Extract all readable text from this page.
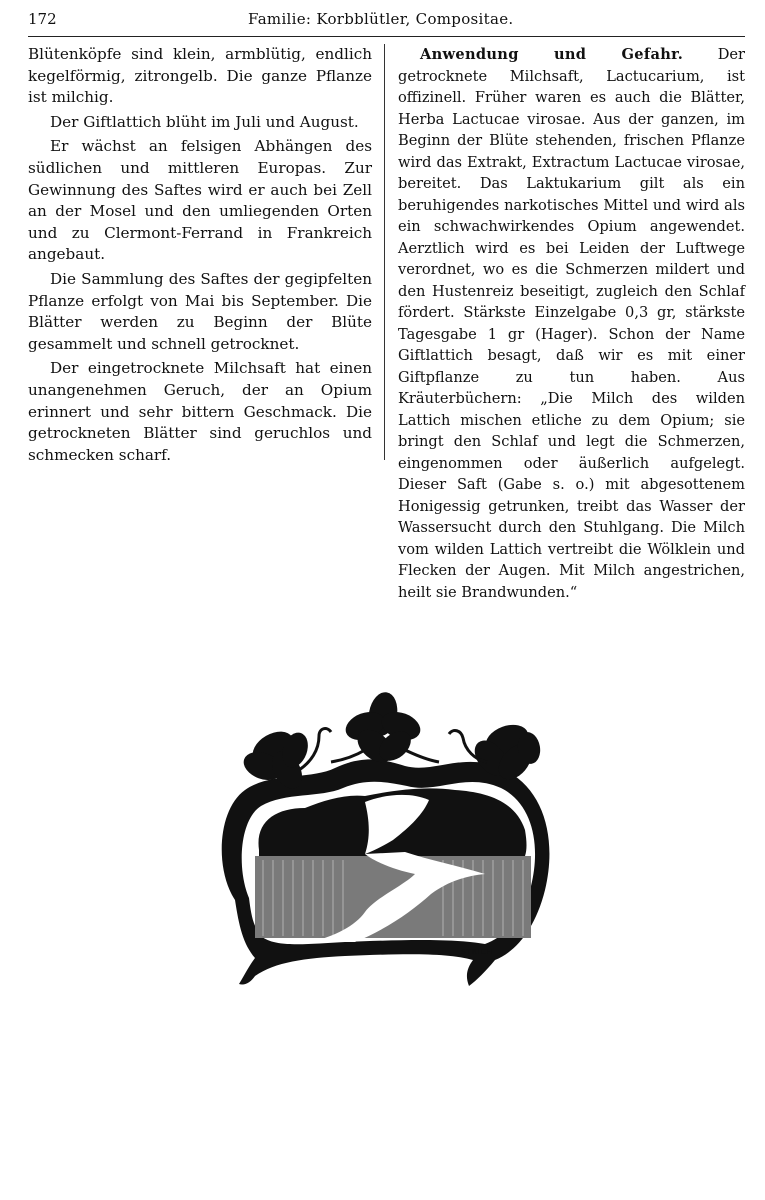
172	Familie: Korbblütler, Compositae.

Blütenköpfe sind klein, armblütig, endlich kegelförmig, zitrongelb. Die ganze Pflanze ist milchig.

Der Giftlattich blüht im Juli und August.

Er wächst an felsigen Abhängen des südlichen und mittleren Europas. Zur Gewinnung des Saftes wird er auch bei Zell an der Mosel und den umliegenden Orten und zu Clermont-Ferrand in Frankreich angebaut.

Die Sammlung des Saftes der gegipfelten Pflanze erfolgt von Mai bis September. Die Blätter werden zu Beginn der Blüte gesammelt und schnell getrocknet.

Der eingetrocknete Milchsaft hat einen unangenehmen Geruch, der an Opium erinnert und sehr bittern Geschmack. Die getrockneten Blätter sind geruchlos und schmecken scharf.

Anwendung und Gefahr. Der getrocknete Milchsaft, Lactucarium, ist offizinell. Früher waren es auch die Blätter, Herba Lactucae virosae. Aus der ganzen, im Beginn der Blüte stehenden, frischen Pflanze wird das Extrakt, Extractum Lactucae virosae, bereitet. Das Laktukarium gilt als ein beruhigendes narkotisches Mittel und wird als ein schwachwirkendes Opium angewendet. Aerztlich wird es bei Leiden der Luftwege verordnet, wo es die Schmerzen mildert und den Hustenreiz beseitigt, zugleich den Schlaf fördert. Stärkste Einzelgabe 0,3 gr, stärkste Tagesgabe 1 gr (Hager). Schon der Name Giftlattich besagt, daß wir es mit einer Giftpflanze zu tun haben. Aus Kräuterbüchern: „Die Milch des wilden Lattich mischen etliche zu dem Opium; sie bringt den Schlaf und legt die Schmerzen, eingenommen oder äußerlich aufgelegt. Dieser Saft (Gabe s. o.) mit abgesottenem Honigessig getrunken, treibt das Wasser der Wassersucht durch den Stuhlgang. Die Milch vom wilden Lattich vertreibt die Wölklein und Flecken der Augen. Mit Milch angestrichen, heilt sie Brandwunden.“

STRICH
